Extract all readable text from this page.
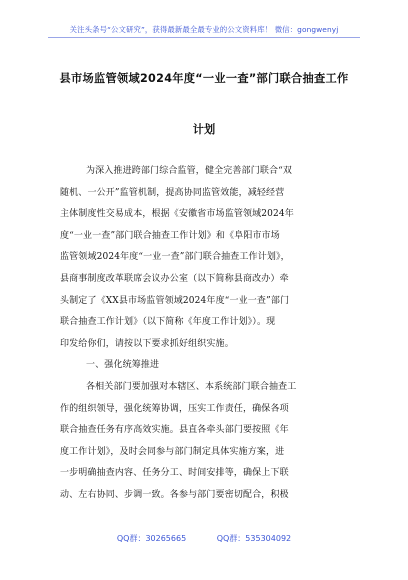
关注头条号“公文研究”，获得最新最全最专业的公文资料库！ 微信：gongwenyj
县市场监管领域2024年度“一业一查”部门联合抽查工作
计划
为深入推进跨部门综合监管，健全完善部门联合“双
随机、一公开”监管机制，提高协同监管效能，减轻经营
主体制度性交易成本，根据《安徽省市场监管领域2024年
度“一业一查”部门联合抽查工作计划》和《阜阳市市场
监管领域2024年度“一业一查”部门联合抽查工作计划》，
县商事制度改革联席会议办公室（以下简称县商改办）牵
头制定了《XX县市场监管领域2024年度“一业一查”部门
联合抽查工作计划》（以下简称《年度工作计划》）。现
印发给你们，请按以下要求抓好组织实施。
一、强化统筹推进
各相关部门要加强对本辖区、本系统部门联合抽查工
作的组织领导，强化统筹协调，压实工作责任，确保各项
联合抽查任务有序高效实施。县直各牵头部门要按照《年
度工作计划》，及时会同参与部门制定具体实施方案，进
一步明确抽查内容、任务分工、时间安排等，确保上下联
动、左右协同、步调一致。各参与部门要密切配合，积极
QQ群：30265665	QQ群：535304092
